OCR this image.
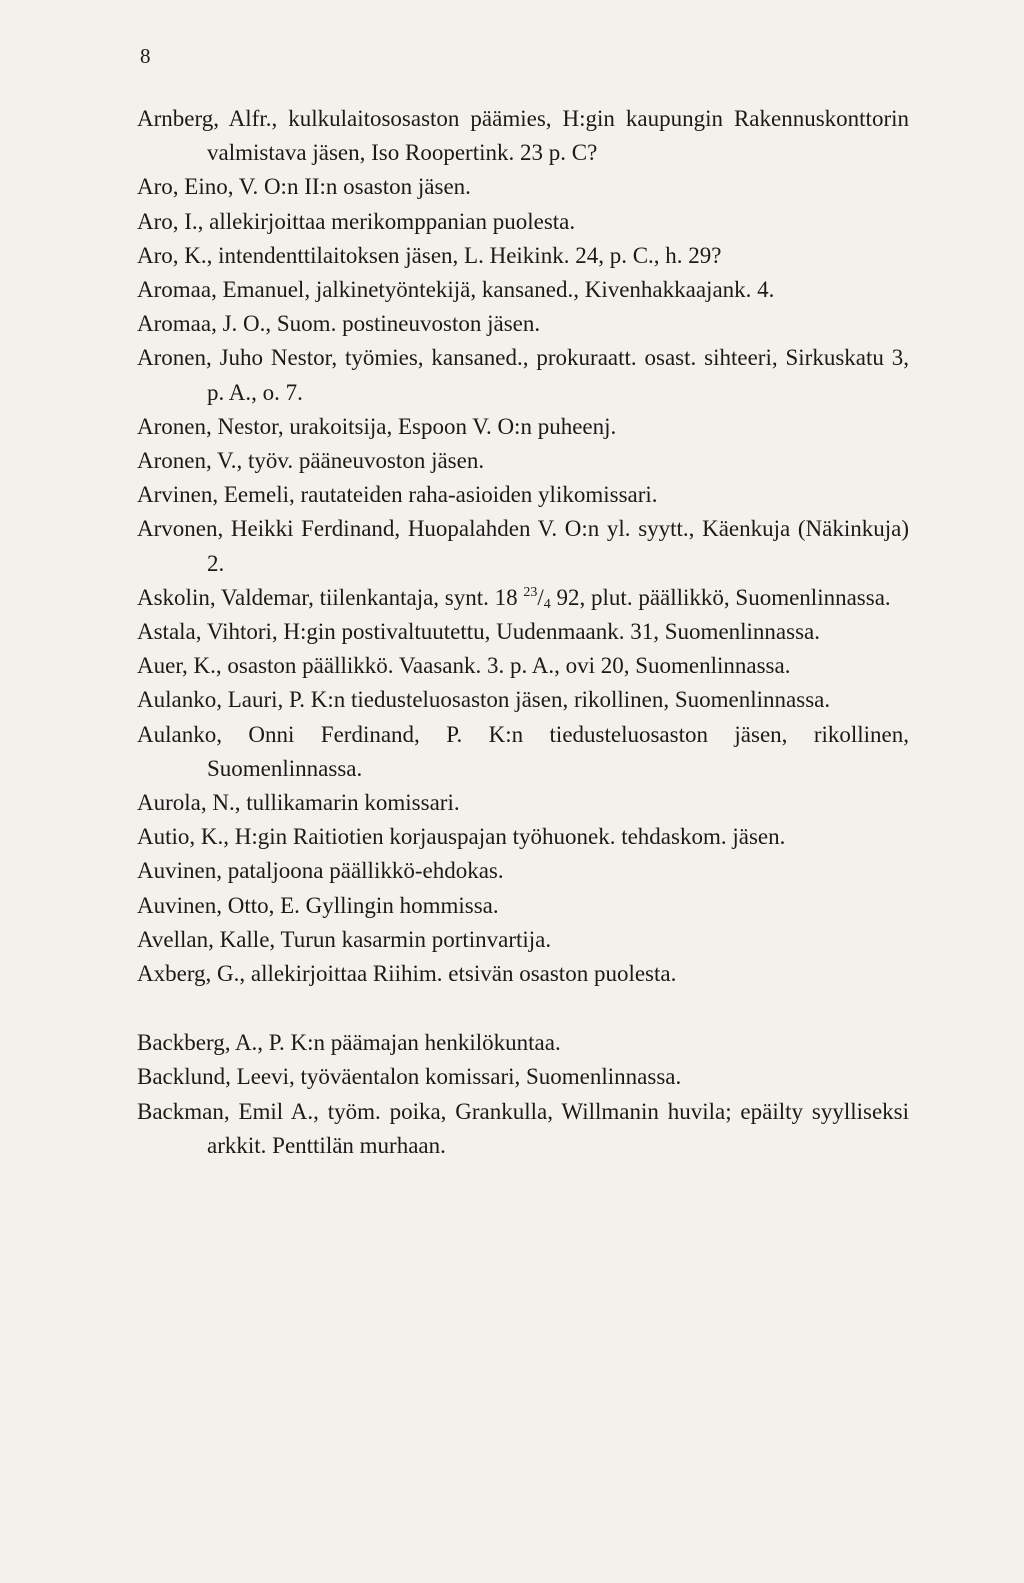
8

Arnberg, Alfr., kulkulaitososaston päämies, H:gin kaupungin Rakennuskonttorin valmistava jäsen, Iso Roopertink. 23 p. C?

Aro, Eino, V. O:n II:n osaston jäsen.

Aro, I., allekirjoittaa merikomppanian puolesta.

Aro, K., intendenttilaitoksen jäsen, L. Heikink. 24, p. C., h. 29?

Aromaa, Emanuel, jalkinetyöntekijä, kansaned., Kivenhakkaajank. 4.

Aromaa, J. O., Suom. postineuvoston jäsen.

Aronen, Juho Nestor, työmies, kansaned., prokuraatt. osast. sihteeri, Sirkuskatu 3, p. A., o. 7.

Aronen, Nestor, urakoitsija, Espoon V. O:n puheenj.

Aronen, V., työv. pääneuvoston jäsen.

Arvinen, Eemeli, rautateiden raha-asioiden ylikomissari.

Arvonen, Heikki Ferdinand, Huopalahden V. O:n yl. syytt., Käenkuja (Näkinkuja) 2.

Askolin, Valdemar, tiilenkantaja, synt. 18 $^{23}/_4$ 92, plut. päällikkö, Suomenlinnassa.

Astala, Vihtori, H:gin postivaltuutettu, Uudenmaank. 31, Suomenlinnassa.

Auer, K., osaston päällikkö. Vaasank. 3. p. A., ovi 20, Suomenlinnassa.

Aulanko, Lauri, P. K:n tiedusteluosaston jäsen, rikollinen, Suomenlinnassa.

Aulanko, Onni Ferdinand, P. K:n tiedusteluosaston jäsen, rikollinen, Suomenlinnassa.

Aurola, N., tullikamarin komissari.

Autio, K., H:gin Raitiotien korjauspajan työhuonek. tehdaskom. jäsen.

Auvinen, pataljoona päällikkö-ehdokas.

Auvinen, Otto, E. Gyllingin hommissa.

Avellan, Kalle, Turun kasarmin portinvartija.

Axberg, G., allekirjoittaa Riihim. etsivän osaston puolesta.

Backberg, A., P. K:n päämajan henkilökuntaa.

Backlund, Leevi, työväentalon komissari, Suomenlinnassa.

Backman, Emil A., työm. poika, Grankulla, Willmanin huvila; epäilty syylliseksi arkkit. Penttilän murhaan.
